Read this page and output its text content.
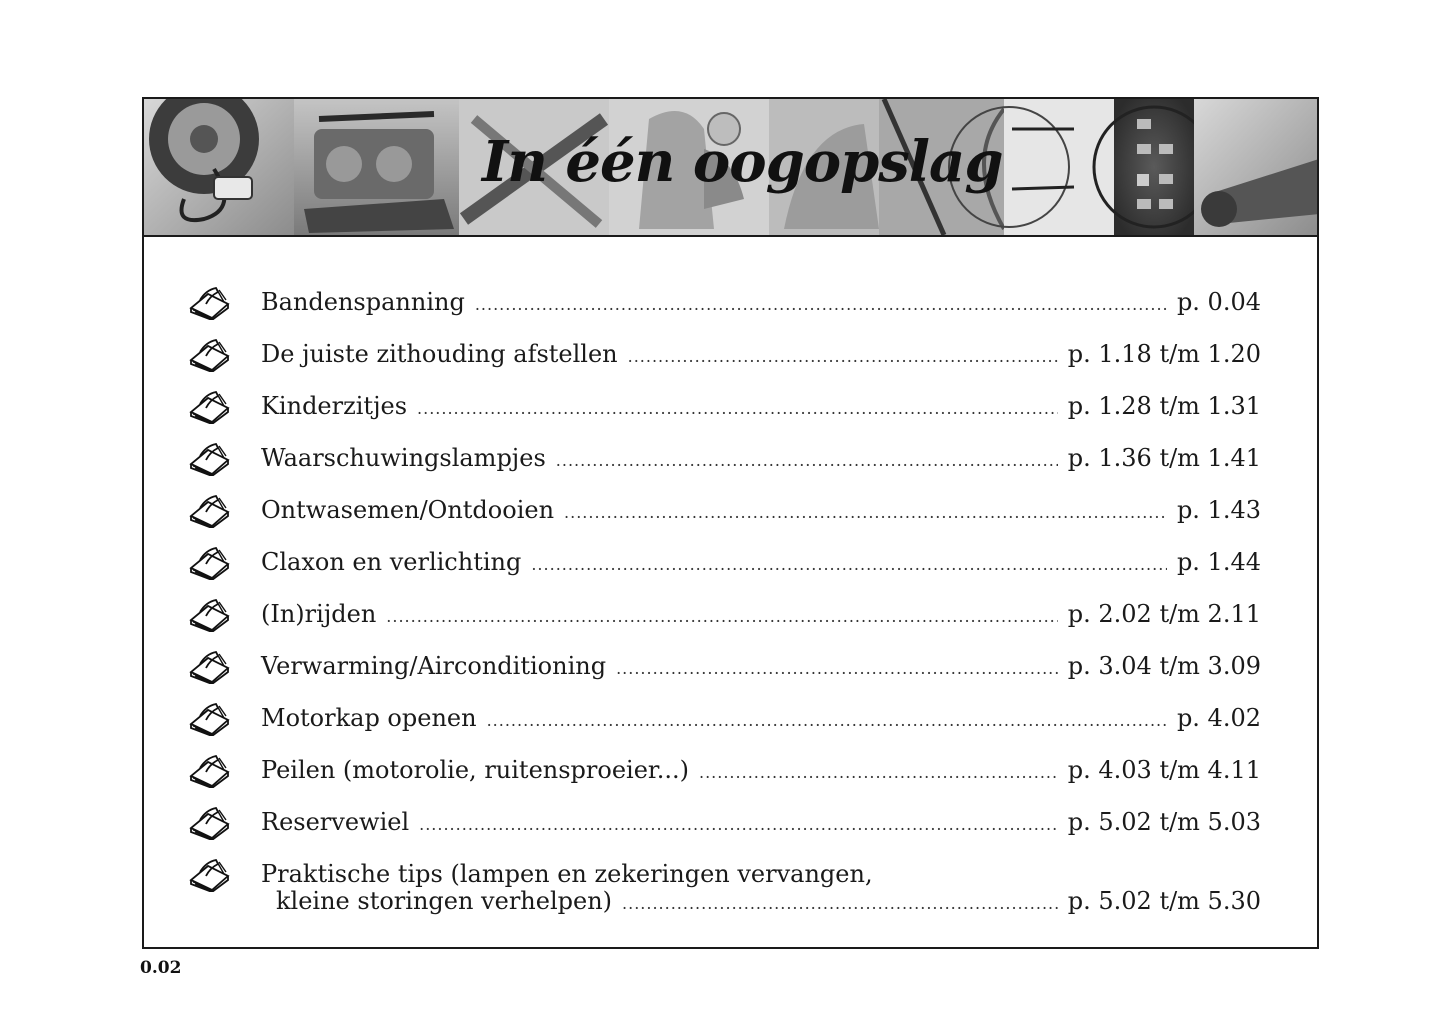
In één oogopslag
Bandenspanning .....	p. 0.04
De juiste zithouding afstellen .....	p. 1.18 t/m 1.20
Kinderzitjes .....	p. 1.28 t/m 1.31
Waarschuwingslampjes .....	p. 1.36 t/m 1.41
Ontwasemen/Ontdooien .....	p. 1.43
Claxon en verlichting .....	p. 1.44
(In)rijden .....	p. 2.02 t/m 2.11
Verwarming/Airconditioning .....	p. 3.04 t/m 3.09
Motorkap openen .....	p. 4.02
Peilen (motorolie, ruitensproeier...) .....	p. 4.03 t/m 4.11
Reservewiel .....	p. 5.02 t/m 5.03
Praktische tips (lampen en zekeringen vervangen,
kleine storingen verhelpen) .....	p. 5.02 t/m 5.30
0.02
